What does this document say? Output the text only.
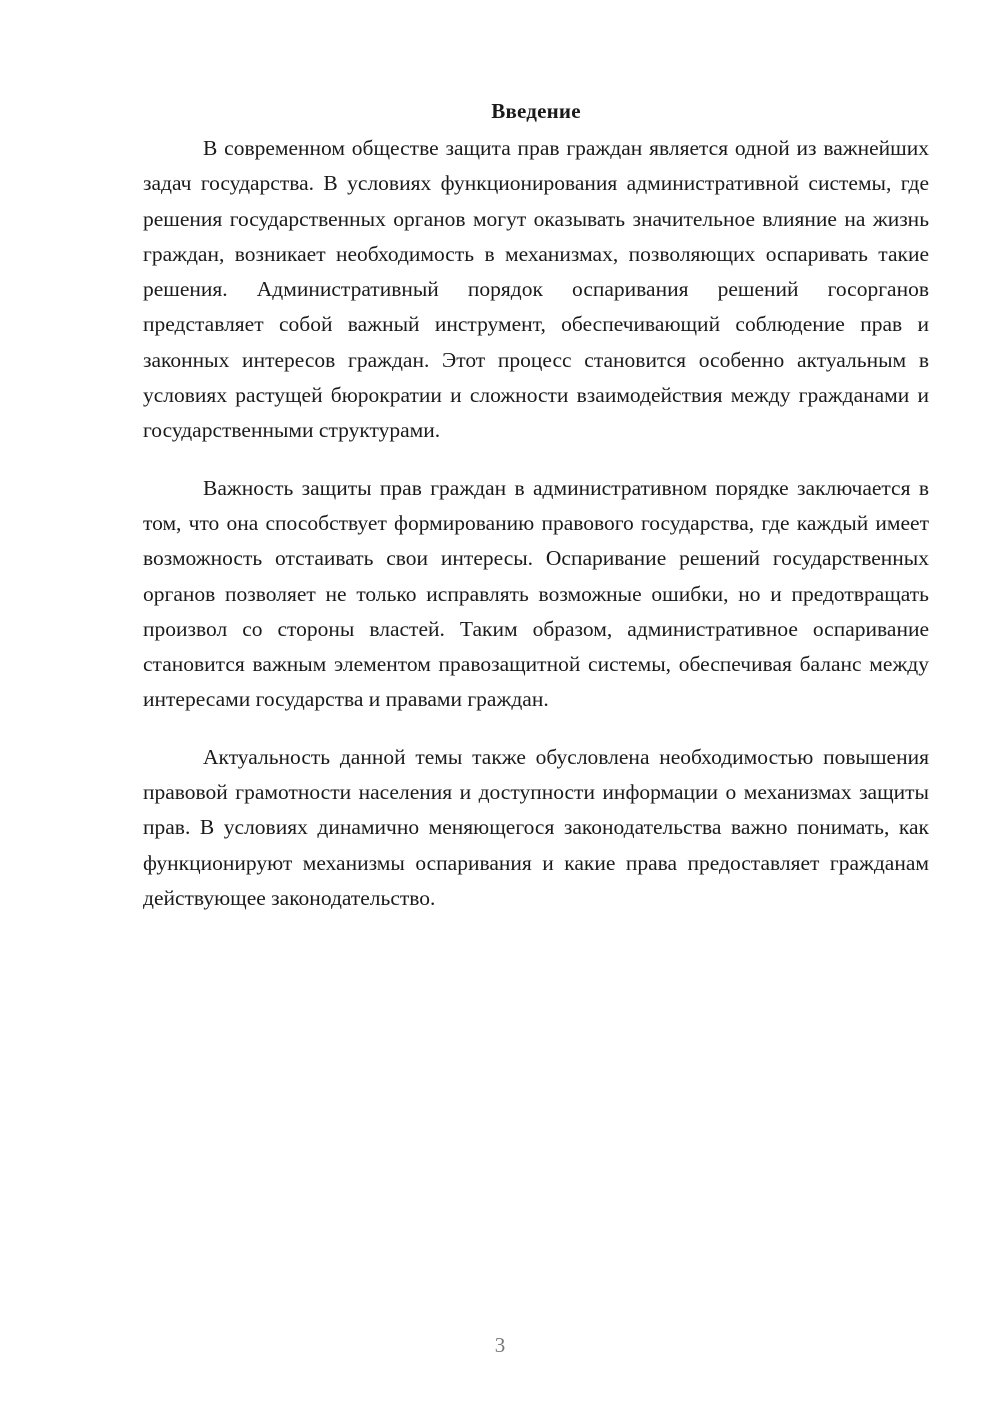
Введение

В современном обществе защита прав граждан является одной из важнейших задач государства. В условиях функционирования административной системы, где решения государственных органов могут оказывать значительное влияние на жизнь граждан, возникает необходимость в механизмах, позволяющих оспаривать такие решения. Административный порядок оспаривания решений госорганов представляет собой важный инструмент, обеспечивающий соблюдение прав и законных интересов граждан. Этот процесс становится особенно актуальным в условиях растущей бюрократии и сложности взаимодействия между гражданами и государственными структурами.

Важность защиты прав граждан в административном порядке заключается в том, что она способствует формированию правового государства, где каждый имеет возможность отстаивать свои интересы. Оспаривание решений государственных органов позволяет не только исправлять возможные ошибки, но и предотвращать произвол со стороны властей. Таким образом, административное оспаривание становится важным элементом правозащитной системы, обеспечивая баланс между интересами государства и правами граждан.

Актуальность данной темы также обусловлена необходимостью повышения правовой грамотности населения и доступности информации о механизмах защиты прав. В условиях динамично меняющегося законодательства важно понимать, как функционируют механизмы оспаривания и какие права предоставляет гражданам действующее законодательство.

3
